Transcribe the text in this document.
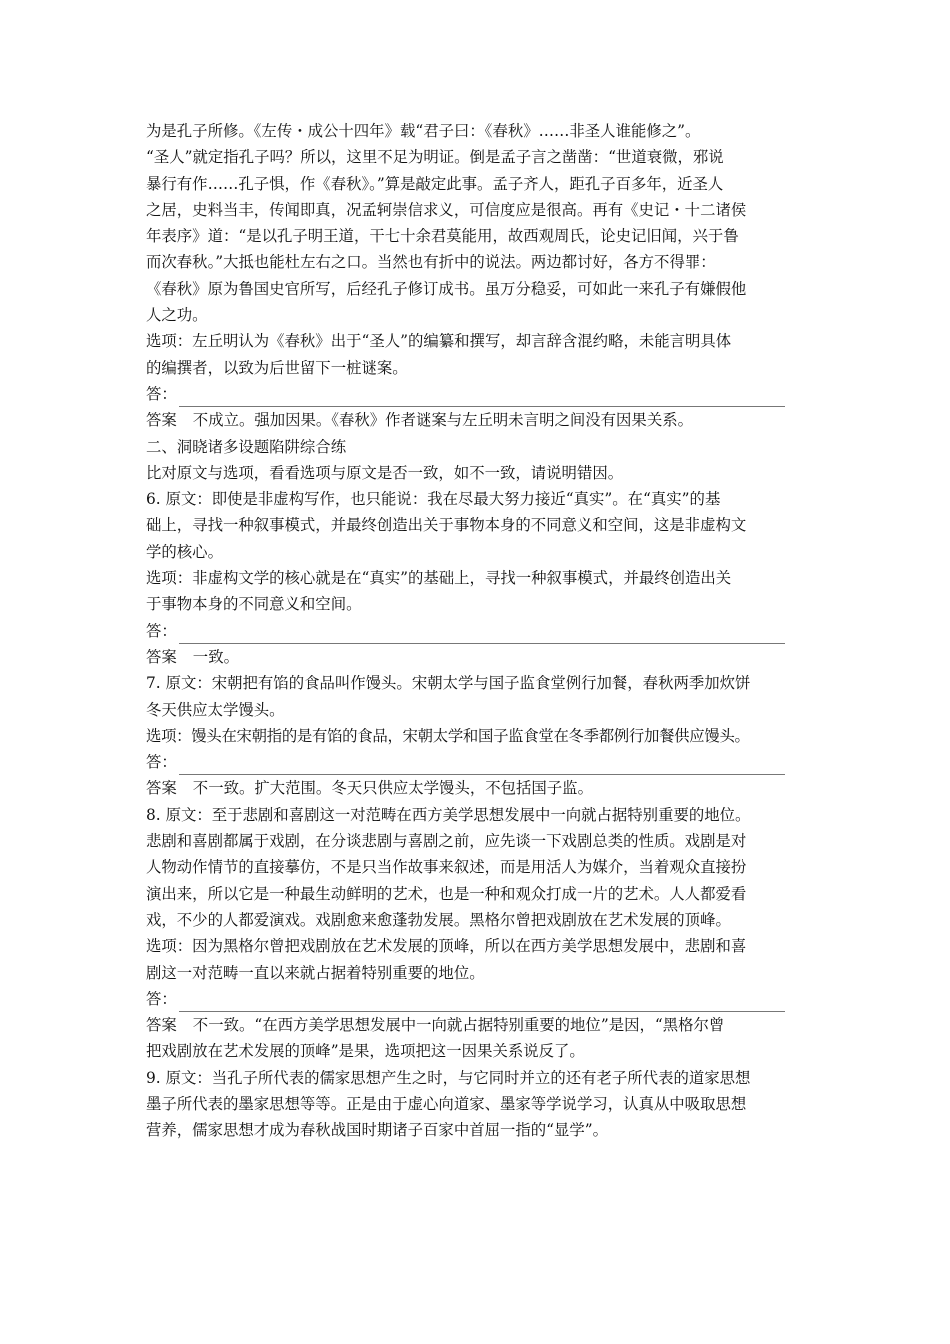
为是孔子所修。《左传・成公十四年》载“君子曰：《春秋》……非圣人谁能修之”。

“圣人”就定指孔子吗？所以，这里不足为明证。倒是孟子言之凿凿：“世道衰微，邪说

暴行有作……孔子惧，作《春秋》。”算是敲定此事。孟子齐人，距孔子百多年，近圣人

之居，史料当丰，传闻即真，况孟轲崇信求义，可信度应是很高。再有《史记・十二诸侯

年表序》道：“是以孔子明王道，干七十余君莫能用，故西观周氏，论史记旧闻，兴于鲁

而次春秋。”大抵也能杜左右之口。当然也有折中的说法。两边都讨好，各方不得罪：

《春秋》原为鲁国史官所写，后经孔子修订成书。虽万分稳妥，可如此一来孔子有嫌假他

人之功。

选项：左丘明认为《春秋》出于“圣人”的编纂和撰写，却言辞含混约略，未能言明具体

的编撰者，以致为后世留下一桩谜案。

答：

答案 不成立。强加因果。《春秋》作者谜案与左丘明未言明之间没有因果关系。

二、洞晓诸多设题陷阱综合练

比对原文与选项，看看选项与原文是否一致，如不一致，请说明错因。

6. 原文：即使是非虚构写作，也只能说：我在尽最大努力接近“真实”。在“真实”的基

础上，寻找一种叙事模式，并最终创造出关于事物本身的不同意义和空间，这是非虚构文

学的核心。

选项：非虚构文学的核心就是在“真实”的基础上，寻找一种叙事模式，并最终创造出关

于事物本身的不同意义和空间。

答：

答案 一致。

7. 原文：宋朝把有馅的食品叫作馒头。宋朝太学与国子监食堂例行加餐，春秋两季加炊饼

冬天供应太学馒头。

选项：馒头在宋朝指的是有馅的食品，宋朝太学和国子监食堂在冬季都例行加餐供应馒头。

答：

答案 不一致。扩大范围。冬天只供应太学馒头，不包括国子监。

8. 原文：至于悲剧和喜剧这一对范畴在西方美学思想发展中一向就占据特别重要的地位。

悲剧和喜剧都属于戏剧，在分谈悲剧与喜剧之前，应先谈一下戏剧总类的性质。戏剧是对

人物动作情节的直接摹仿，不是只当作故事来叙述，而是用活人为媒介，当着观众直接扮

演出来，所以它是一种最生动鲜明的艺术，也是一种和观众打成一片的艺术。人人都爱看

戏，不少的人都爱演戏。戏剧愈来愈蓬勃发展。黑格尔曾把戏剧放在艺术发展的顶峰。

选项：因为黑格尔曾把戏剧放在艺术发展的顶峰，所以在西方美学思想发展中，悲剧和喜

剧这一对范畴一直以来就占据着特别重要的地位。

答：

答案 不一致。“在西方美学思想发展中一向就占据特别重要的地位”是因，“黑格尔曾

把戏剧放在艺术发展的顶峰”是果，选项把这一因果关系说反了。

9. 原文：当孔子所代表的儒家思想产生之时，与它同时并立的还有老子所代表的道家思想

墨子所代表的墨家思想等等。正是由于虚心向道家、墨家等学说学习，认真从中吸取思想

营养，儒家思想才成为春秋战国时期诸子百家中首屈一指的“显学”。
